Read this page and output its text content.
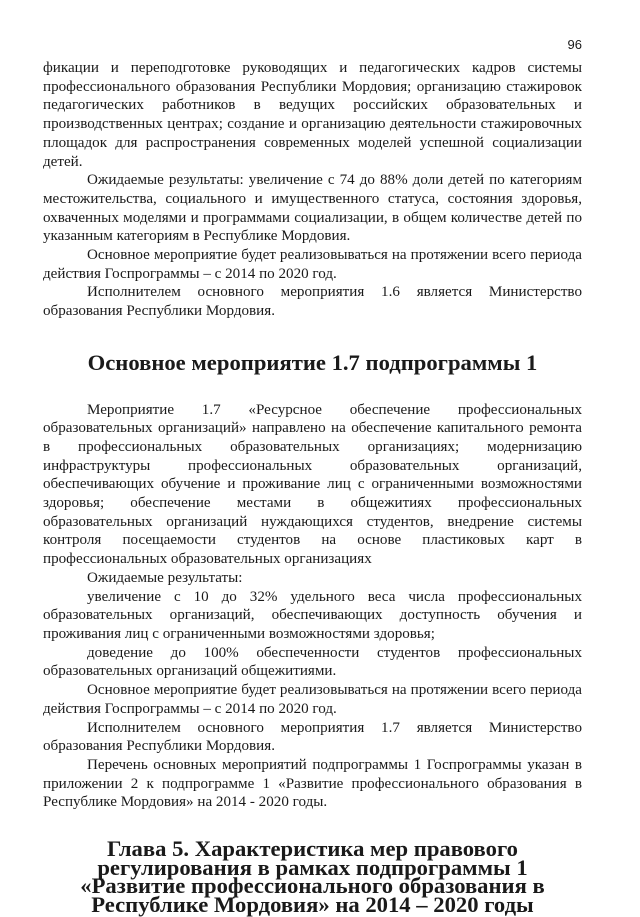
96

фикации и переподготовке руководящих и педагогических кадров системы профессионального образования Республики Мордовия; организацию стажировок педагогических работников в ведущих российских образовательных и производственных центрах; создание и организацию деятельности стажировочных площадок для распространения современных моделей успешной социализации детей.

Ожидаемые результаты: увеличение с 74 до 88% доли детей по категориям местожительства, социального и имущественного статуса, состояния здоровья, охваченных моделями и программами социализации, в общем количестве детей по указанным категориям в Республике Мордовия.

Основное мероприятие будет реализовываться на протяжении всего периода действия Госпрограммы – с 2014 по 2020 год.

Исполнителем основного мероприятия 1.6 является Министерство образования Республики Мордовия.

Основное мероприятие 1.7 подпрограммы 1

Мероприятие 1.7 «Ресурсное обеспечение профессиональных образовательных организаций» направлено на обеспечение капитального ремонта в профессиональных образовательных организациях; модернизацию инфраструктуры профессиональных образовательных организаций, обеспечивающих обучение и проживание лиц с ограниченными возможностями здоровья; обеспечение местами в общежитиях профессиональных образовательных организаций нуждающихся студентов, внедрение системы контроля посещаемости студентов на основе пластиковых карт в профессиональных образовательных организациях

Ожидаемые результаты:

увеличение с 10 до 32% удельного веса числа профессиональных образовательных организаций, обеспечивающих доступность обучения и проживания лиц с ограниченными возможностями здоровья;

доведение до 100% обеспеченности студентов профессиональных образовательных организаций общежитиями.

Основное мероприятие будет реализовываться на протяжении всего периода действия Госпрограммы – с 2014 по 2020 год.

Исполнителем основного мероприятия 1.7 является Министерство образования Республики Мордовия.

Перечень основных мероприятий подпрограммы 1 Госпрограммы указан в приложении 2 к подпрограмме 1 «Развитие профессионального образования в Республике Мордовия» на 2014 - 2020 годы.

Глава 5. Характеристика мер правового регулирования в рамках подпрограммы 1 «Развитие профессионального образования в Республике Мордовия» на 2014 – 2020 годы
